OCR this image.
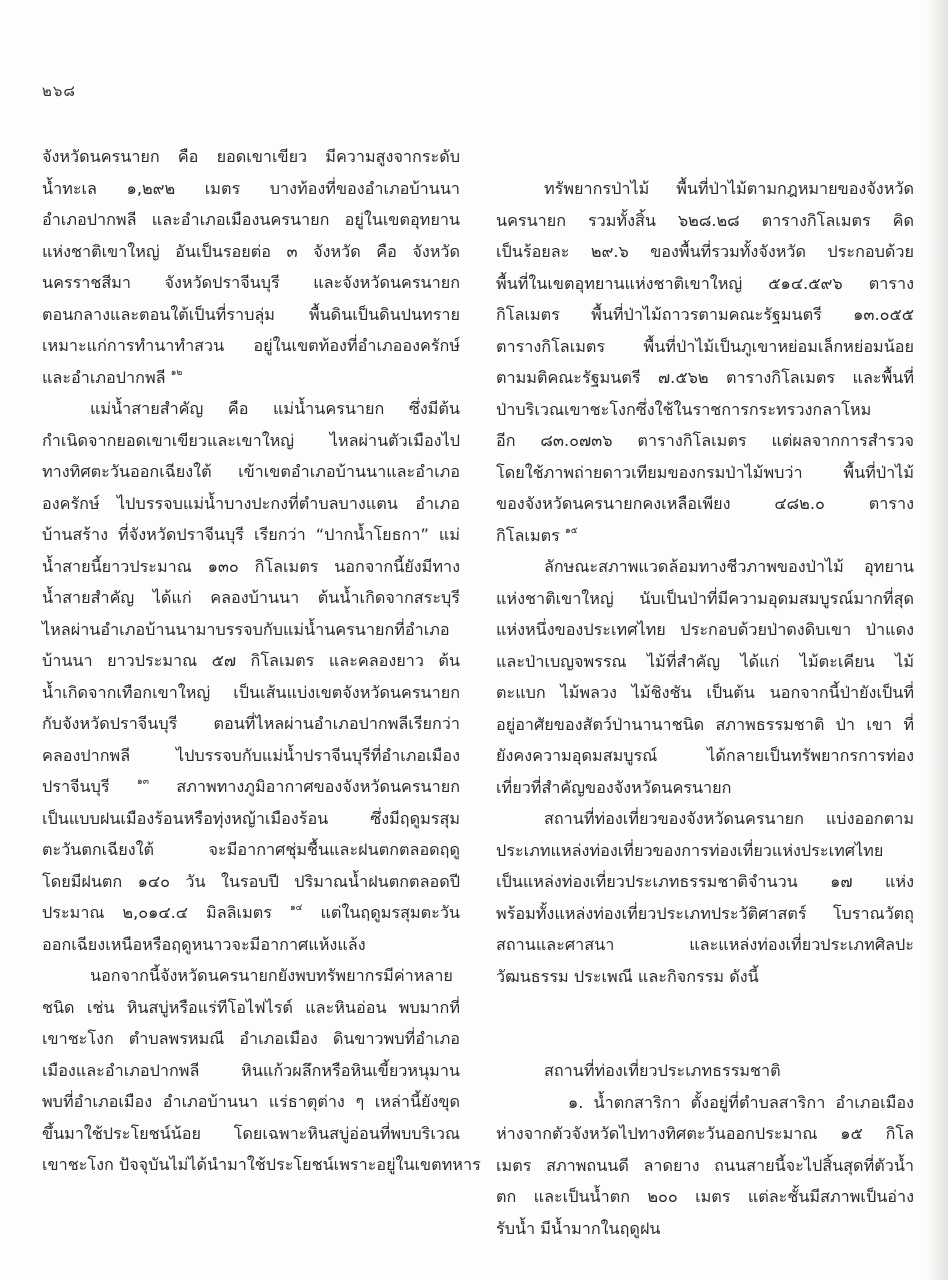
๒๖๘
จังหวัดนครนายก คือ ยอดเขาเขียว มีความสูงจากระดับ
น้ำทะเล ๑,๒๙๒ เมตร บางท้องที่ของอำเภอบ้านนา
อำเภอปากพลี และอำเภอเมืองนครนายก อยู่ในเขตอุทยาน
แห่งชาติเขาใหญ่ อันเป็นรอยต่อ ๓ จังหวัด คือ จังหวัด
นครราชสีมา จังหวัดปราจีนบุรี และจังหวัดนครนายก
ตอนกลางและตอนใต้เป็นที่ราบลุ่ม พื้นดินเป็นดินปนทราย
เหมาะแก่การทำนาทำสวน อยู่ในเขตท้องที่อำเภอองครักษ์
และอำเภอปากพลี $^{๑๒}$
แม่น้ำสายสำคัญ คือ แม่น้ำนครนายก ซึ่งมีต้น
กำเนิดจากยอดเขาเขียวและเขาใหญ่ ไหลผ่านตัวเมืองไป
ทางทิศตะวันออกเฉียงใต้ เข้าเขตอำเภอบ้านนาและอำเภอ
องครักษ์ ไปบรรจบแม่น้ำบางปะกงที่ตำบลบางแตน อำเภอ
บ้านสร้าง ที่จังหวัดปราจีนบุรี เรียกว่า “ปากน้ำโยธกา” แม่
น้ำสายนี้ยาวประมาณ ๑๓๐ กิโลเมตร นอกจากนี้ยังมีทาง
น้ำสายสำคัญ ได้แก่ คลองบ้านนา ต้นน้ำเกิดจากสระบุรี
ไหลผ่านอำเภอบ้านนามาบรรจบกับแม่น้ำนครนายกที่อำเภอ
บ้านนา ยาวประมาณ ๕๗ กิโลเมตร และคลองยาว ต้น
น้ำเกิดจากเทือกเขาใหญ่ เป็นเส้นแบ่งเขตจังหวัดนครนายก
กับจังหวัดปราจีนบุรี ตอนที่ไหลผ่านอำเภอปากพลีเรียกว่า
คลองปากพลี ไปบรรจบกับแม่น้ำปราจีนบุรีที่อำเภอเมือง
ปราจีนบุรี $^{๑๓}$ สภาพทางภูมิอากาศของจังหวัดนครนายก
เป็นแบบฝนเมืองร้อนหรือทุ่งหญ้าเมืองร้อน ซึ่งมีฤดูมรสุม
ตะวันตกเฉียงใต้ จะมีอากาศชุ่มชื้นและฝนตกตลอดฤดู
โดยมีฝนตก ๑๔๐ วัน ในรอบปี ปริมาณน้ำฝนตกตลอดปี
ประมาณ ๒,๐๑๔.๔ มิลลิเมตร $^{๑๔}$ แต่ในฤดูมรสุมตะวัน
ออกเฉียงเหนือหรือฤดูหนาวจะมีอากาศแห้งแล้ง
นอกจากนี้จังหวัดนครนายกยังพบทรัพยากรมีค่าหลาย
ชนิด เช่น หินสบู่หรือแร่ทีโอไฟไรต์ และหินอ่อน พบมากที่
เขาชะโงก ตำบลพรหมณี อำเภอเมือง ดินขาวพบที่อำเภอ
เมืองและอำเภอปากพลี หินแก้วผลึกหรือหินเขี้ยวหนุมาน
พบที่อำเภอเมือง อำเภอบ้านนา แร่ธาตุต่าง ๆ เหล่านี้ยังขุด
ขึ้นมาใช้ประโยชน์น้อย โดยเฉพาะหินสบู่อ่อนที่พบบริเวณ
เขาชะโงก ปัจจุบันไม่ได้นำมาใช้ประโยชน์เพราะอยู่ในเขตทหาร
ทรัพยากรป่าไม้ พื้นที่ป่าไม้ตามกฎหมายของจังหวัด
นครนายก รวมทั้งสิ้น ๖๒๘.๒๘ ตารางกิโลเมตร คิด
เป็นร้อยละ ๒๙.๖ ของพื้นที่รวมทั้งจังหวัด ประกอบด้วย
พื้นที่ในเขตอุทยานแห่งชาติเขาใหญ่ ๕๑๔.๕๙๖ ตาราง
กิโลเมตร พื้นที่ป่าไม้ถาวรตามคณะรัฐมนตรี ๑๓.๐๕๕
ตารางกิโลเมตร พื้นที่ป่าไม้เป็นภูเขาหย่อมเล็กหย่อมน้อย
ตามมติคณะรัฐมนตรี ๗.๕๖๒ ตารางกิโลเมตร และพื้นที่
ป่าบริเวณเขาชะโงกซึ่งใช้ในราชการกระทรวงกลาโหม
อีก ๘๓.๐๗๓๖ ตารางกิโลเมตร แต่ผลจากการสำรวจ
โดยใช้ภาพถ่ายดาวเทียมของกรมป่าไม้พบว่า พื้นที่ป่าไม้
ของจังหวัดนครนายกคงเหลือเพียง ๔๘๒.๐ ตาราง
กิโลเมตร $^{๑๕}$
ลักษณะสภาพแวดล้อมทางชีวภาพของป่าไม้ อุทยาน
แห่งชาติเขาใหญ่ นับเป็นป่าที่มีความอุดมสมบูรณ์มากที่สุด
แห่งหนึ่งของประเทศไทย ประกอบด้วยป่าดงดิบเขา ป่าแดง
และป่าเบญจพรรณ ไม้ที่สำคัญ ได้แก่ ไม้ตะเคียน ไม้
ตะแบก ไม้พลวง ไม้ชิงชัน เป็นต้น นอกจากนี้ป่ายังเป็นที่
อยู่อาศัยของสัตว์ป่านานาชนิด สภาพธรรมชาติ ป่า เขา ที่
ยังคงความอุดมสมบูรณ์ ได้กลายเป็นทรัพยากรการท่อง
เที่ยวที่สำคัญของจังหวัดนครนายก
สถานที่ท่องเที่ยวของจังหวัดนครนายก แบ่งออกตาม
ประเภทแหล่งท่องเที่ยวของการท่องเที่ยวแห่งประเทศไทย
เป็นแหล่งท่องเที่ยวประเภทธรรมชาติจำนวน ๑๗ แห่ง
พร้อมทั้งแหล่งท่องเที่ยวประเภทประวัติศาสตร์ โบราณวัตถุ
สถานและศาสนา และแหล่งท่องเที่ยวประเภทศิลปะ
วัฒนธรรม ประเพณี และกิจกรรม ดังนี้
สถานที่ท่องเที่ยวประเภทธรรมชาติ
๑. น้ำตกสาริกา ตั้งอยู่ที่ตำบลสาริกา อำเภอเมือง
ห่างจากตัวจังหวัดไปทางทิศตะวันออกประมาณ ๑๕ กิโล
เมตร สภาพถนนดี ลาดยาง ถนนสายนี้จะไปสิ้นสุดที่ตัวน้ำ
ตก และเป็นน้ำตก ๒๐๐ เมตร แต่ละชั้นมีสภาพเป็นอ่าง
รับน้ำ มีน้ำมากในฤดูฝน
